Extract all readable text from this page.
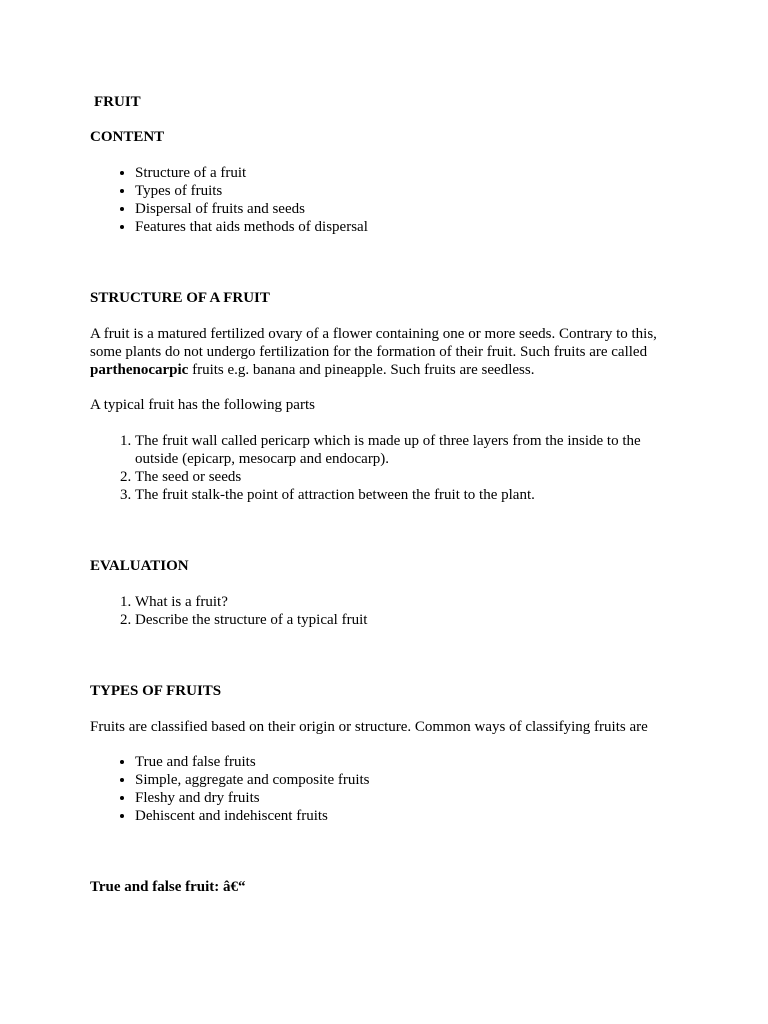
FRUIT

CONTENT

• Structure of a fruit
• Types of fruits
• Dispersal of fruits and seeds
• Features that aids methods of dispersal

STRUCTURE OF A FRUIT

A fruit is a matured fertilized ovary of a flower containing one or more seeds. Contrary to this, some plants do not undergo fertilization for the formation of their fruit. Such fruits are called parthenocarpic fruits e.g. banana and pineapple. Such fruits are seedless.

A typical fruit has the following parts

1. The fruit wall called pericarp which is made up of three layers from the inside to the outside (epicarp, mesocarp and endocarp).
2. The seed or seeds
3. The fruit stalk-the point of attraction between the fruit to the plant.

EVALUATION

1. What is a fruit?
2. Describe the structure of a typical fruit

TYPES OF FRUITS

Fruits are classified based on their origin or structure. Common ways of classifying fruits are

• True and false fruits
• Simple, aggregate and composite fruits
• Fleshy and dry fruits
• Dehiscent and indehiscent fruits

True and false fruit: â€“
